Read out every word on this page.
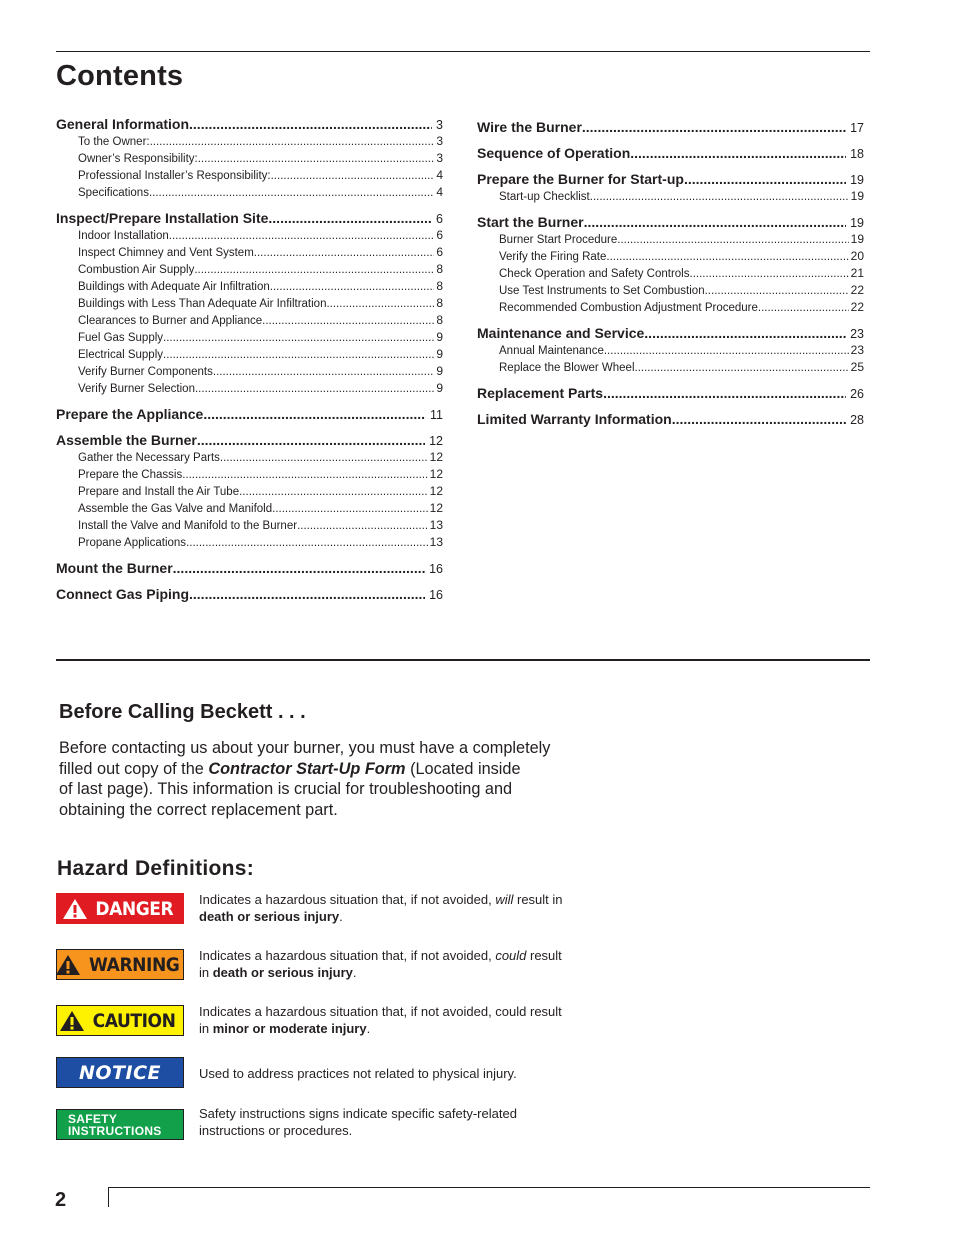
Contents
General Information .....	3
To the Owner: .....	3
Owner’s Responsibility: .....	3
Professional Installer’s Responsibility: .....	4
Specifications .....	4
Inspect/Prepare Installation Site .....	6
Indoor Installation .....	6
Inspect Chimney and Vent System .....	6
Combustion Air Supply .....	8
Buildings with Adequate Air Infiltration .....	8
Buildings with Less Than Adequate Air Infiltration .....	8
Clearances to Burner and Appliance .....	8
Fuel Gas Supply .....	9
Electrical Supply .....	9
Verify Burner Components .....	9
Verify Burner Selection .....	9
Prepare the Appliance .....	11
Assemble the Burner .....	12
Gather the Necessary Parts .....	12
Prepare the Chassis .....	12
Prepare and Install the Air Tube .....	12
Assemble the Gas Valve and Manifold .....	12
Install the Valve and Manifold to the Burner .....	13
Propane Applications .....	13
Mount the Burner .....	16
Connect Gas Piping .....	16
Wire the Burner .....	17
Sequence of Operation .....	18
Prepare the Burner for Start-up .....	19
Start-up Checklist .....	19
Start the Burner .....	19
Burner Start Procedure .....	19
Verify the Firing Rate .....	20
Check Operation and Safety Controls .....	21
Use Test Instruments to Set Combustion .....	22
Recommended Combustion Adjustment Procedure .....	22
Maintenance and Service .....	23
Annual Maintenance .....	23
Replace the Blower Wheel .....	25
Replacement Parts .....	26
Limited Warranty Information .....	28
Before Calling Beckett . . .

Before contacting us about your burner, you must have a completely
filled out copy of the Contractor Start-Up Form (Located inside
of last page). This information is crucial for troubleshooting and
obtaining the correct replacement part.

Hazard Definitions:
DANGER Indicates a hazardous situation that, if not avoided, will result in
death or serious injury.
WARNING Indicates a hazardous situation that, if not avoided, could result
in death or serious injury.
CAUTION Indicates a hazardous situation that, if not avoided, could result
in minor or moderate injury.
NOTICE	Used to address practices not related to physical injury.
SAFETY
INSTRUCTIONS
Safety instructions signs indicate specific safety-related
instructions or procedures.
2
